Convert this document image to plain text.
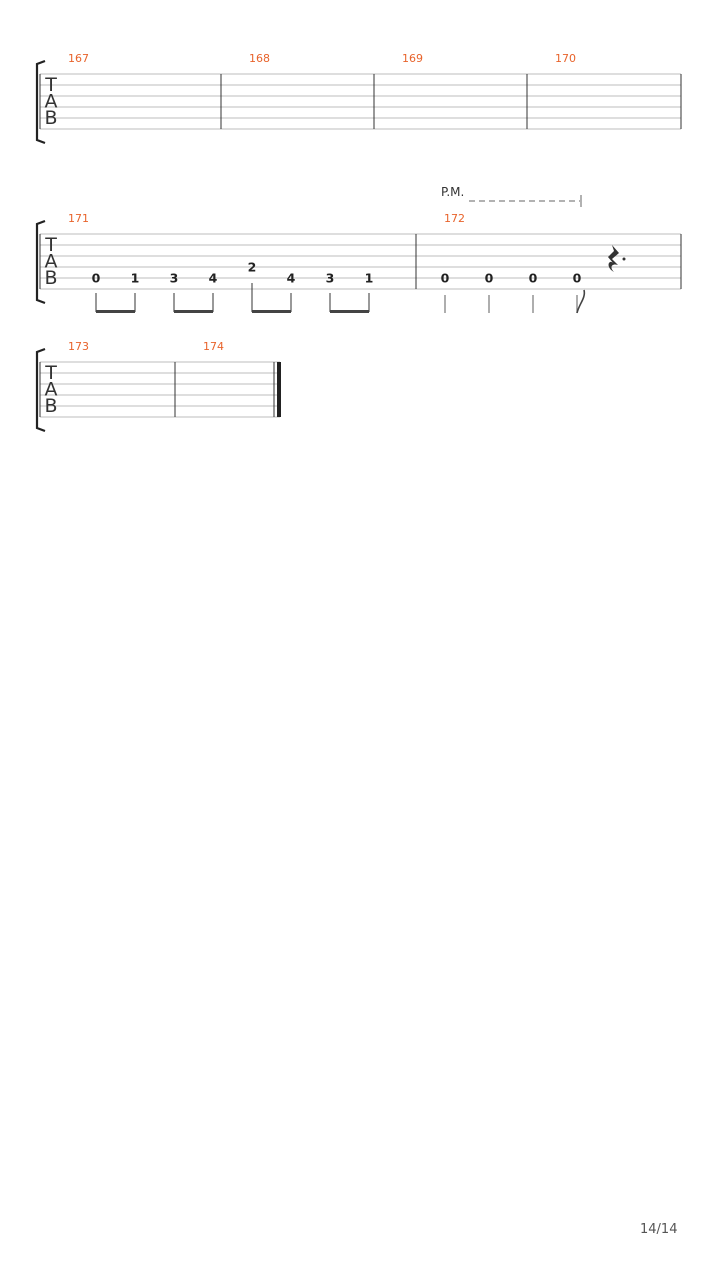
T
A
B
167	168	169	170
T
A
B
171
0 1 3 4
2
4 3 1
172
0	0	0	0
P.M.
T
A
B
173	174
14/14
